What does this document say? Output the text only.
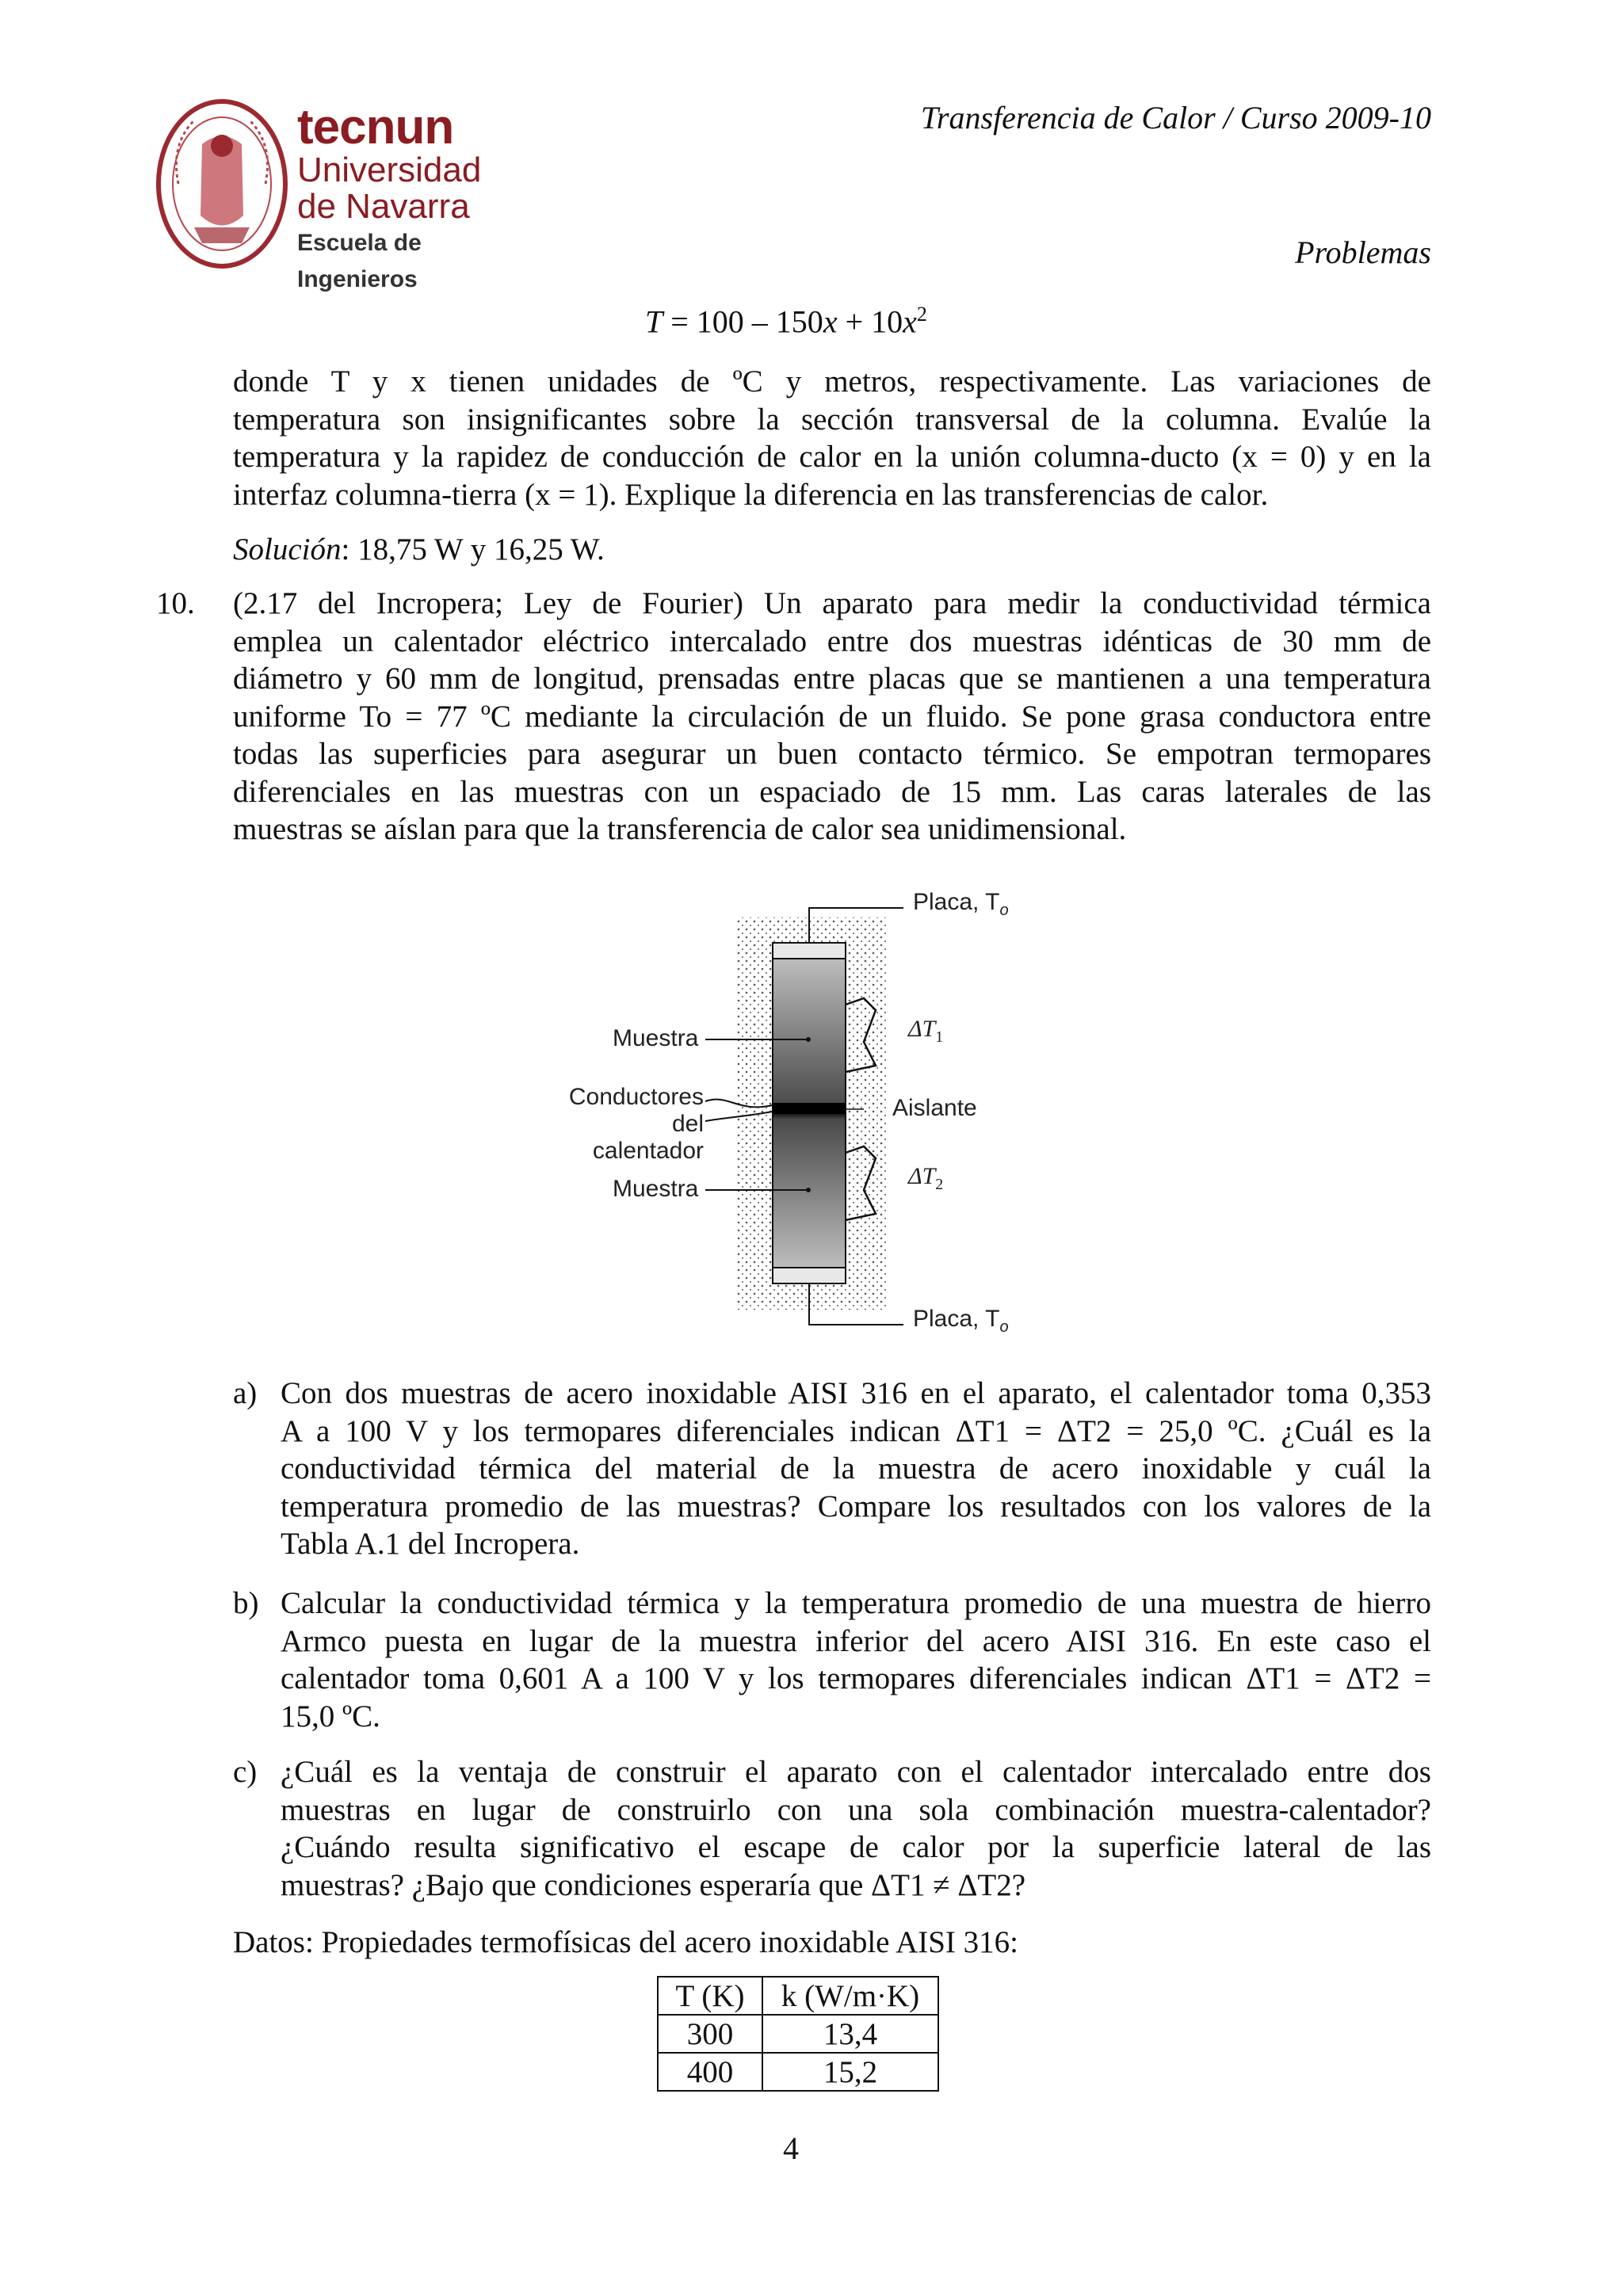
tecnun
Universidad
de Navarra
Escuela de Ingenieros
Transferencia de Calor / Curso 2009-10
Problemas
$T = 100 - 150x + 10x^2$
donde T y x tienen unidades de ºC y metros, respectivamente. Las variaciones de
temperatura son insignificantes sobre la sección transversal de la columna. Evalúe la
temperatura y la rapidez de conducción de calor en la unión columna-ducto (x = 0) y en la
interfaz columna-tierra (x = 1). Explique la diferencia en las transferencias de calor.
Solución: 18,75 W y 16,25 W.
10. (2.17 del Incropera; Ley de Fourier) Un aparato para medir la conductividad térmica
emplea un calentador eléctrico intercalado entre dos muestras idénticas de 30 mm de
diámetro y 60 mm de longitud, prensadas entre placas que se mantienen a una temperatura
uniforme To = 77 ºC mediante la circulación de un fluido. Se pone grasa conductora entre
todas las superficies para asegurar un buen contacto térmico. Se empotran termopares
diferenciales en las muestras con un espaciado de 15 mm. Las caras laterales de las
muestras se aíslan para que la transferencia de calor sea unidimensional.
Placa, $T_o$
Placa, $T_o$
Muestra
Muestra
Conductores
del calentador
Aislante
$\Delta T_1$
$\Delta T_2$
a) Con dos muestras de acero inoxidable AISI 316 en el aparato, el calentador toma 0,353
A a 100 V y los termopares diferenciales indican ΔT1 = ΔT2 = 25,0 ºC. ¿Cuál es la
conductividad térmica del material de la muestra de acero inoxidable y cuál la
temperatura promedio de las muestras? Compare los resultados con los valores de la
Tabla A.1 del Incropera.
b) Calcular la conductividad térmica y la temperatura promedio de una muestra de hierro
Armco puesta en lugar de la muestra inferior del acero AISI 316. En este caso el
calentador toma 0,601 A a 100 V y los termopares diferenciales indican ΔT1 = ΔT2 =
15,0 ºC.
c) ¿Cuál es la ventaja de construir el aparato con el calentador intercalado entre dos
muestras en lugar de construirlo con una sola combinación muestra-calentador?
¿Cuándo resulta significativo el escape de calor por la superficie lateral de las
muestras? ¿Bajo que condiciones esperaría que ΔT1 ≠ ΔT2?
Datos: Propiedades termofísicas del acero inoxidable AISI 316:
T (K)	k (W/m·K)
300	13,4
400	15,2
4
